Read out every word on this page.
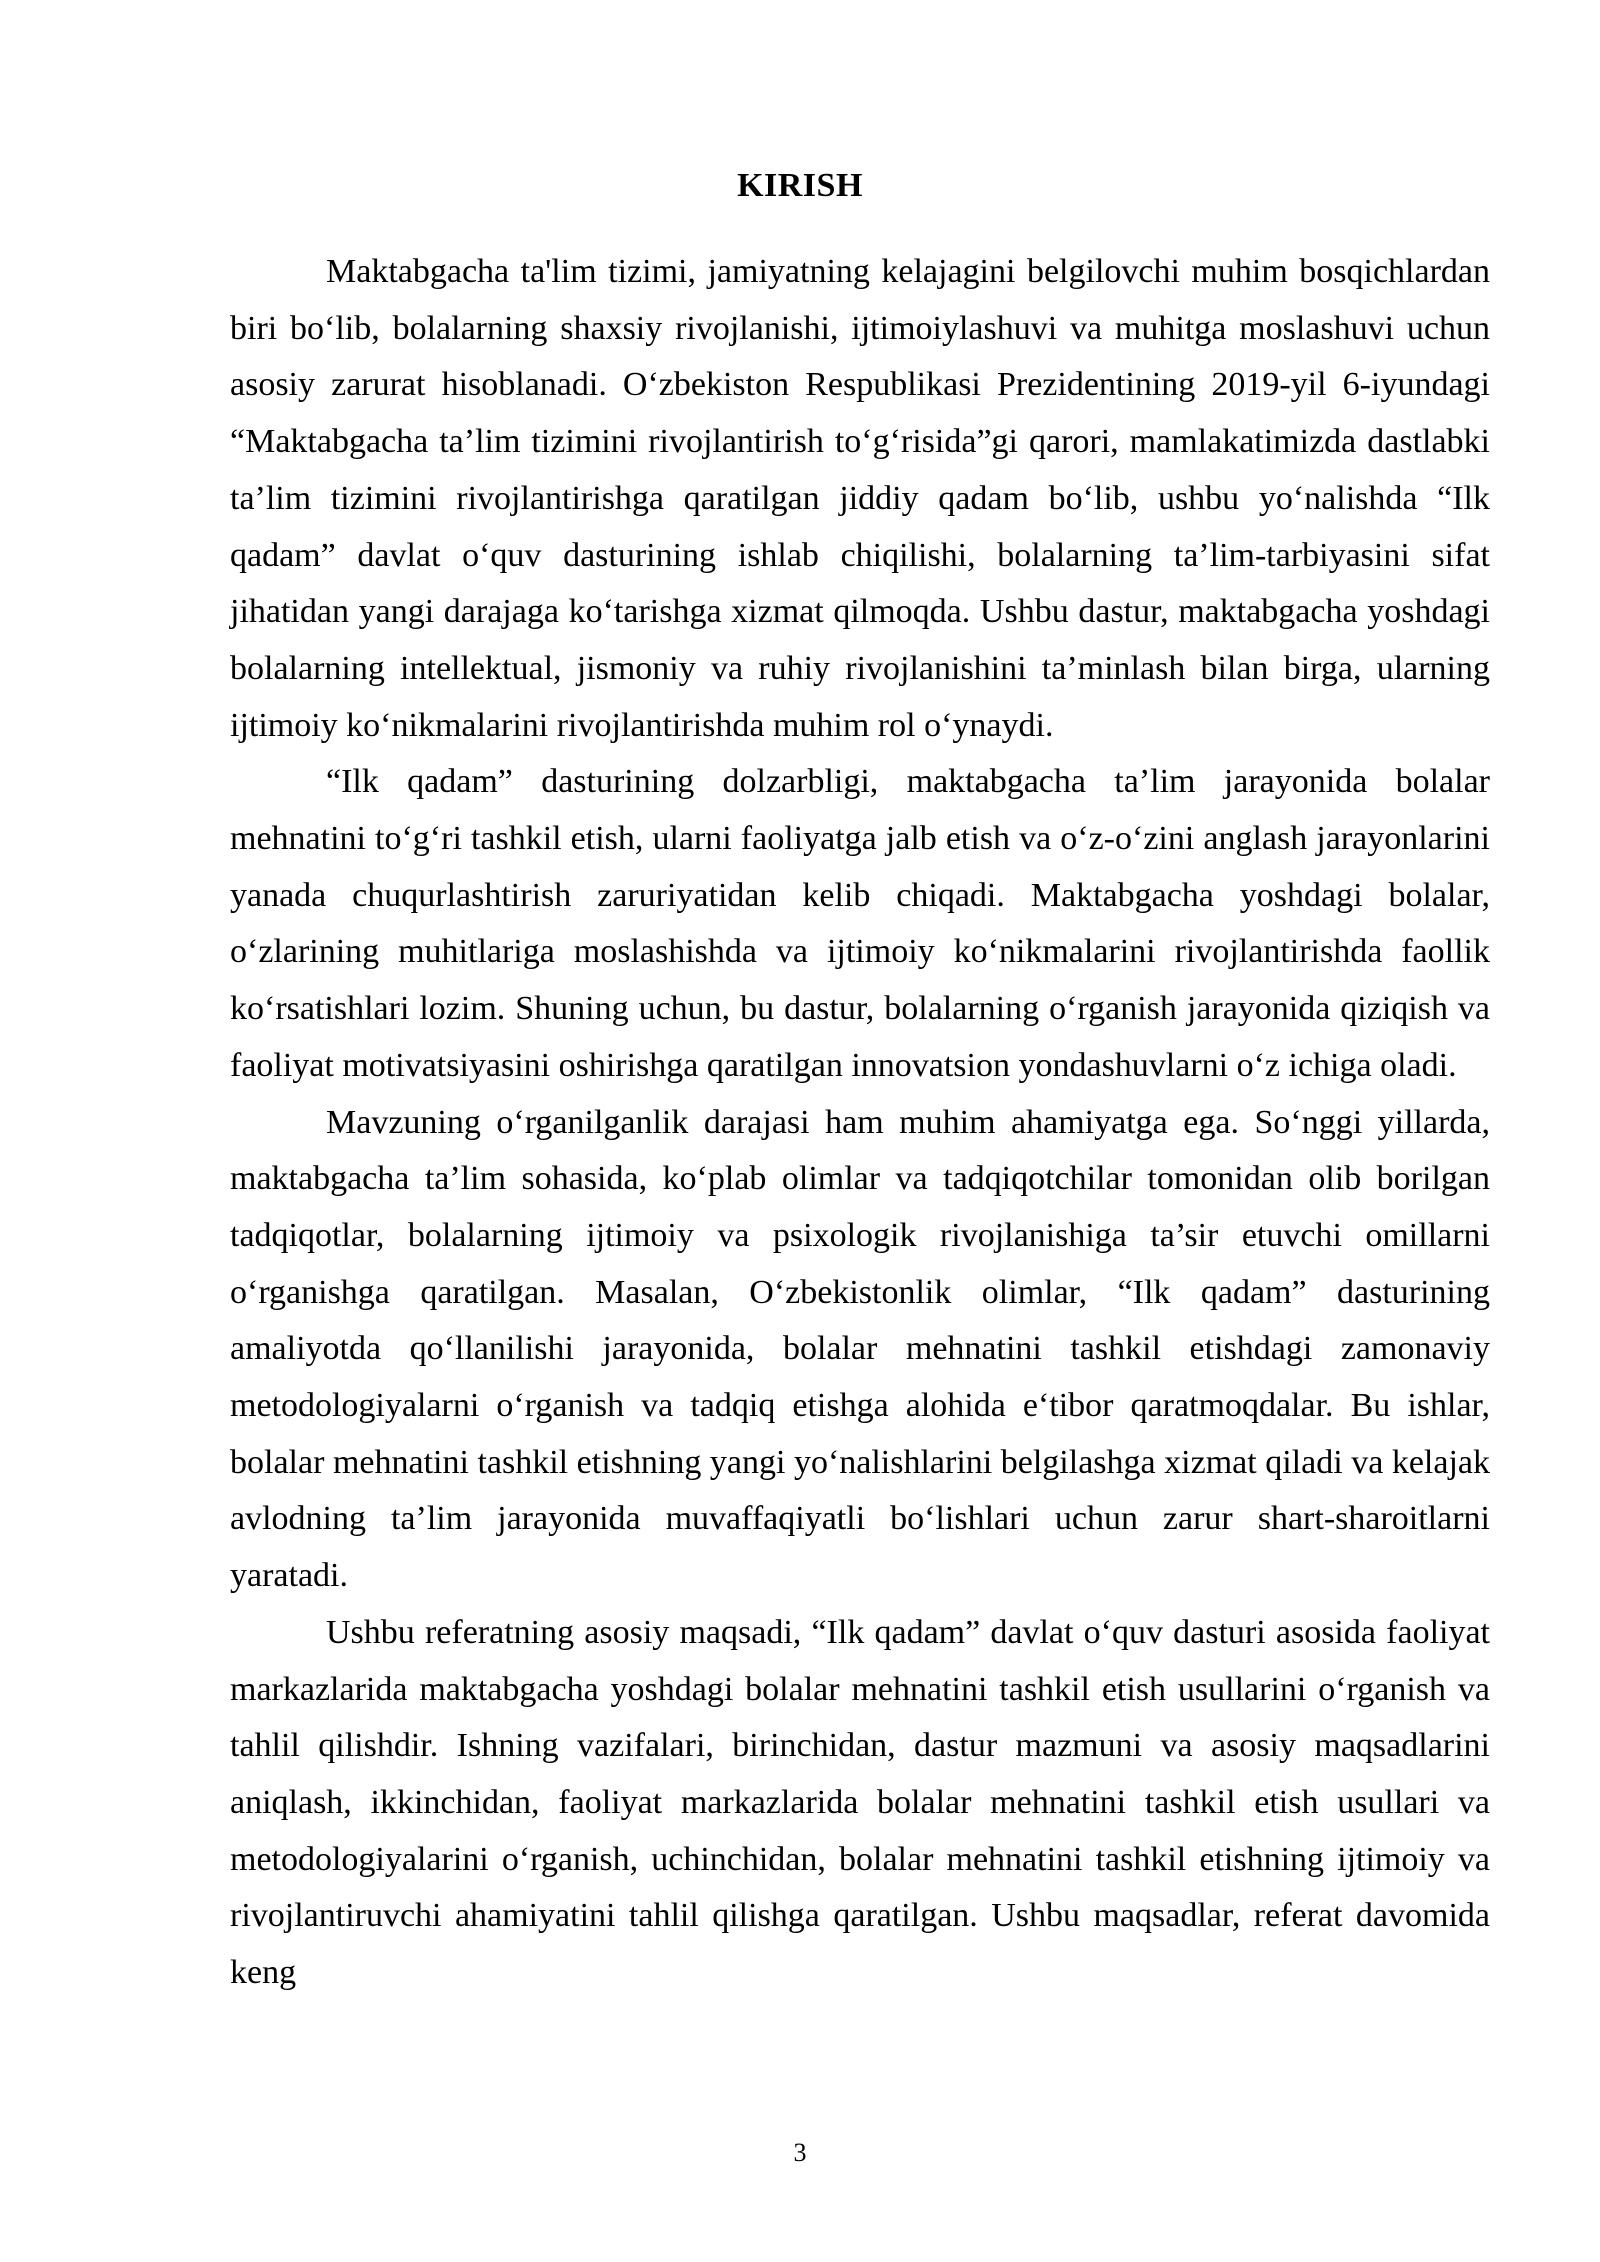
KIRISH

Maktabgacha ta'lim tizimi, jamiyatning kelajagini belgilovchi muhim bosqichlardan biri bo‘lib, bolalarning shaxsiy rivojlanishi, ijtimoiylashuvi va muhitga moslashuvi uchun asosiy zarurat hisoblanadi. O‘zbekiston Respublikasi Prezidentining 2019-yil 6-iyundagi “Maktabgacha ta’lim tizimini rivojlantirish to‘g‘risida”gi qarori, mamlakatimizda dastlabki ta’lim tizimini rivojlantirishga qaratilgan jiddiy qadam bo‘lib, ushbu yo‘nalishda “Ilk qadam” davlat o‘quv dasturining ishlab chiqilishi, bolalarning ta’lim-tarbiyasini sifat jihatidan yangi darajaga ko‘tarishga xizmat qilmoqda. Ushbu dastur, maktabgacha yoshdagi bolalarning intellektual, jismoniy va ruhiy rivojlanishini ta’minlash bilan birga, ularning ijtimoiy ko‘nikmalarini rivojlantirishda muhim rol o‘ynaydi.

“Ilk qadam” dasturining dolzarbligi, maktabgacha ta’lim jarayonida bolalar mehnatini to‘g‘ri tashkil etish, ularni faoliyatga jalb etish va o‘z-o‘zini anglash jarayonlarini yanada chuqurlashtirish zaruriyatidan kelib chiqadi. Maktabgacha yoshdagi bolalar, o‘zlarining muhitlariga moslashishda va ijtimoiy ko‘nikmalarini rivojlantirishda faollik ko‘rsatishlari lozim. Shuning uchun, bu dastur, bolalarning o‘rganish jarayonida qiziqish va faoliyat motivatsiyasini oshirishga qaratilgan innovatsion yondashuvlarni o‘z ichiga oladi.

Mavzuning o‘rganilganlik darajasi ham muhim ahamiyatga ega. So‘nggi yillarda, maktabgacha ta’lim sohasida, ko‘plab olimlar va tadqiqotchilar tomonidan olib borilgan tadqiqotlar, bolalarning ijtimoiy va psixologik rivojlanishiga ta’sir etuvchi omillarni o‘rganishga qaratilgan. Masalan, O‘zbekistonlik olimlar, “Ilk qadam” dasturining amaliyotda qo‘llanilishi jarayonida, bolalar mehnatini tashkil etishdagi zamonaviy metodologiyalarni o‘rganish va tadqiq etishga alohida e‘tibor qaratmoqdalar. Bu ishlar, bolalar mehnatini tashkil etishning yangi yo‘nalishlarini belgilashga xizmat qiladi va kelajak avlodning ta’lim jarayonida muvaffaqiyatli bo‘lishlari uchun zarur shart-sharoitlarni yaratadi.

Ushbu referatning asosiy maqsadi, “Ilk qadam” davlat o‘quv dasturi asosida faoliyat markazlarida maktabgacha yoshdagi bolalar mehnatini tashkil etish usullarini o‘rganish va tahlil qilishdir. Ishning vazifalari, birinchidan, dastur mazmuni va asosiy maqsadlarini aniqlash, ikkinchidan, faoliyat markazlarida bolalar mehnatini tashkil etish usullari va metodologiyalarini o‘rganish, uchinchidan, bolalar mehnatini tashkil etishning ijtimoiy va rivojlantiruvchi ahamiyatini tahlil qilishga qaratilgan. Ushbu maqsadlar, referat davomida keng

3
